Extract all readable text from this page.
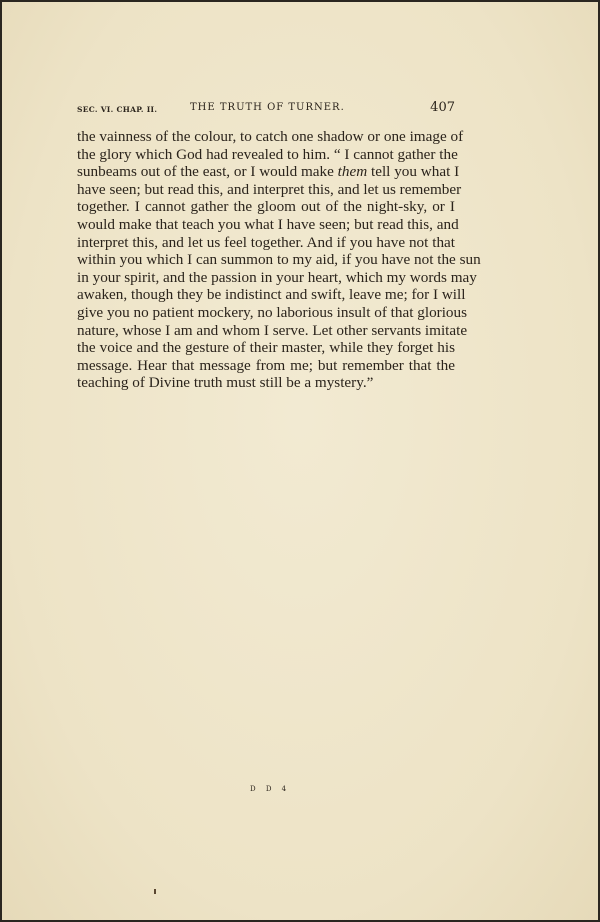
SEC. VI. CHAP. II.	THE TRUTH OF TURNER.	407
the vainness of the colour, to catch one shadow or one image of
the glory which God had revealed to him. “ I cannot gather the
sunbeams out of the east, or I would make them tell you what I
have seen; but read this, and interpret this, and let us remember
together. I cannot gather the gloom out of the night-sky, or I
would make that teach you what I have seen; but read this, and
interpret this, and let us feel together. And if you have not that
within you which I can summon to my aid, if you have not the sun
in your spirit, and the passion in your heart, which my words may
awaken, though they be indistinct and swift, leave me; for I will
give you no patient mockery, no laborious insult of that glorious
nature, whose I am and whom I serve. Let other servants imitate
the voice and the gesture of their master, while they forget his
message. Hear that message from me; but remember that the
teaching of Divine truth must still be a mystery.”
D D 4
